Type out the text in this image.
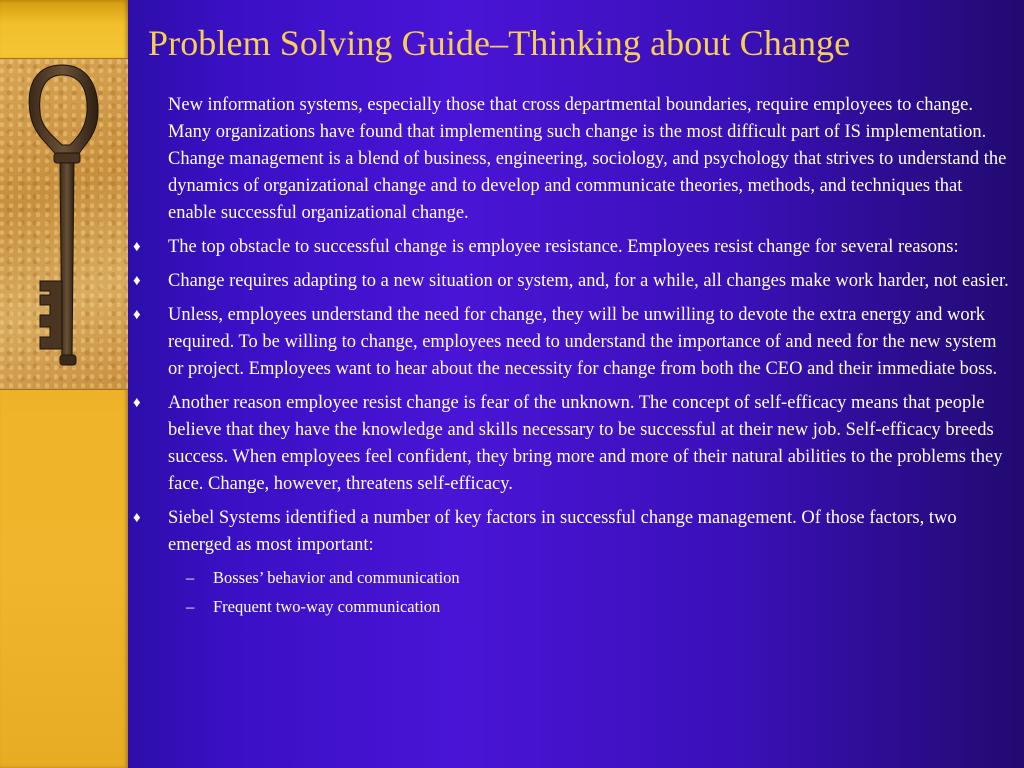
Problem Solving Guide–Thinking about Change
New information systems, especially those that cross departmental boundaries, require employees to change. Many organizations have found that implementing such change is the most difficult part of IS implementation. Change management is a blend of business, engineering, sociology, and psychology that strives to understand the dynamics of organizational change and to develop and communicate theories, methods, and techniques that enable successful organizational change.
♦ The top obstacle to successful change is employee resistance. Employees resist change for several reasons:
♦ Change requires adapting to a new situation or system, and, for a while, all changes make work harder, not easier.
♦ Unless, employees understand the need for change, they will be unwilling to devote the extra energy and work required. To be willing to change, employees need to understand the importance of and need for the new system or project. Employees want to hear about the necessity for change from both the CEO and their immediate boss.
♦ Another reason employee resist change is fear of the unknown. The concept of self-efficacy means that people believe that they have the knowledge and skills necessary to be successful at their new job. Self-efficacy breeds success. When employees feel confident, they bring more and more of their natural abilities to the problems they face. Change, however, threatens self-efficacy.
♦ Siebel Systems identified a number of key factors in successful change management. Of those factors, two emerged as most important:
– Bosses’ behavior and communication
– Frequent two-way communication
